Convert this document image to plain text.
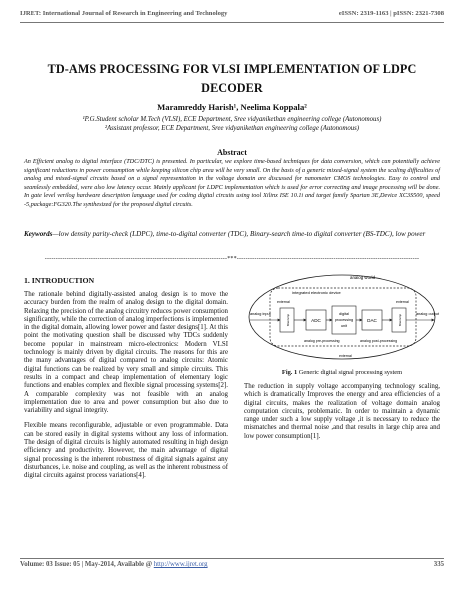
IJRET: International Journal of Research in Engineering and Technology	eISSN: 2319-1163 | pISSN: 2321-7308
TD-AMS PROCESSING FOR VLSI IMPLEMENTATION OF LDPC
DECODER
Maramreddy Harish¹, Neelima Koppala²
¹P.G.Student scholar M.Tech (VLSI), ECE Department, Sree vidyanikethan engineering college (Autonomous)
²Assistant professor, ECE Department, Sree vidyanikethan engineering college (Autonomous)
Abstract
An Efficient analog to digital interface (TDC/DTC) is presented. In particular, we explore time-based techniques for data conversion, which can potentially achieve significant reductions in power consumption while keeping silicon chip area will be very small. On the basis of a generic mixed-signal system the scaling difficulties of analog and mixed-signal circuits based on a signal representation in the voltage domain are discussed for nanometer CMOS technologies. Easy to control and seamlessly embedded, were also low latency occur. Mainly applicant for LDPC implementation which is used for error correcting and image processing will be done. In gate level verilog hardware description language used for coding digital circuits using tool Xilinx ISE 10.1i and target family Spartan 3E,Device XC3S500, speed -5,package:FG320.The synthesized for the proposed digital circuits.
Keywords—low density parity-check (LDPC), time-to-digital converter (TDC), Binary-search time-to digital converter (BS-TDC), low power
-----------------------------------------------------------------------------------***-----------------------------------------------------------------------------------
1. INTRODUCTION

The rationale behind digitally-assisted analog design is to move the accuracy burden from the realm of analog design to the digital domain. Relaxing the precision of the analog circuitry reduces power consumption significantly, while the correction of analog imperfections is implemented in the digital domain, allowing lower power and faster designs[1]. At this point the motivating question shall be discussed why TDCs suddenly become popular in mainstream micro-electronics: Modern VLSI technology is mainly driven by digital circuits. The reasons for this are the many advantages of digital compared to analog circuits: Atomic digital functions can be realized by very small and simple circuits. This results in a compact and cheap implementation of elementary logic functions and enables complex and flexible signal processing systems[2]. A comparable complexity was not feasible with an analog implementation due to area and power consumption but also due to variability and signal integrity.

Flexible means reconfigurable, adjustable or even programmable. Data can be stored easily in digital systems without any loss of information. The design of digital circuits is highly automated resulting in high design efficiency and productivity. However, the main advantage of digital signal processing is the inherent robustness of digital signals against any disturbances, i.e. noise and coupling, as well as the inherent robustness of digital circuits against process variations[4].

analog world
integrated electronic device
external	external
external
analog input	analog output
filter/amp	ADC
digital
processing
unit
DAC	filter/amp
analog pre-processing	analog post-processing
Fig. 1 Generic digital signal processing system

The reduction in supply voltage accompanying technology scaling, which is dramatically Improves the energy and area efficiencies of a digital circuits, makes the realization of voltage domain analog computation circuits, problematic. In order to maintain a dynamic range under such a low supply voltage ,it is necessary to reduce the mismatches and thermal noise ,and that results in large chip area and low power consumption[1].

Volume: 03 Issue: 05 | May-2014, Available @ http://www.ijret.org	335
